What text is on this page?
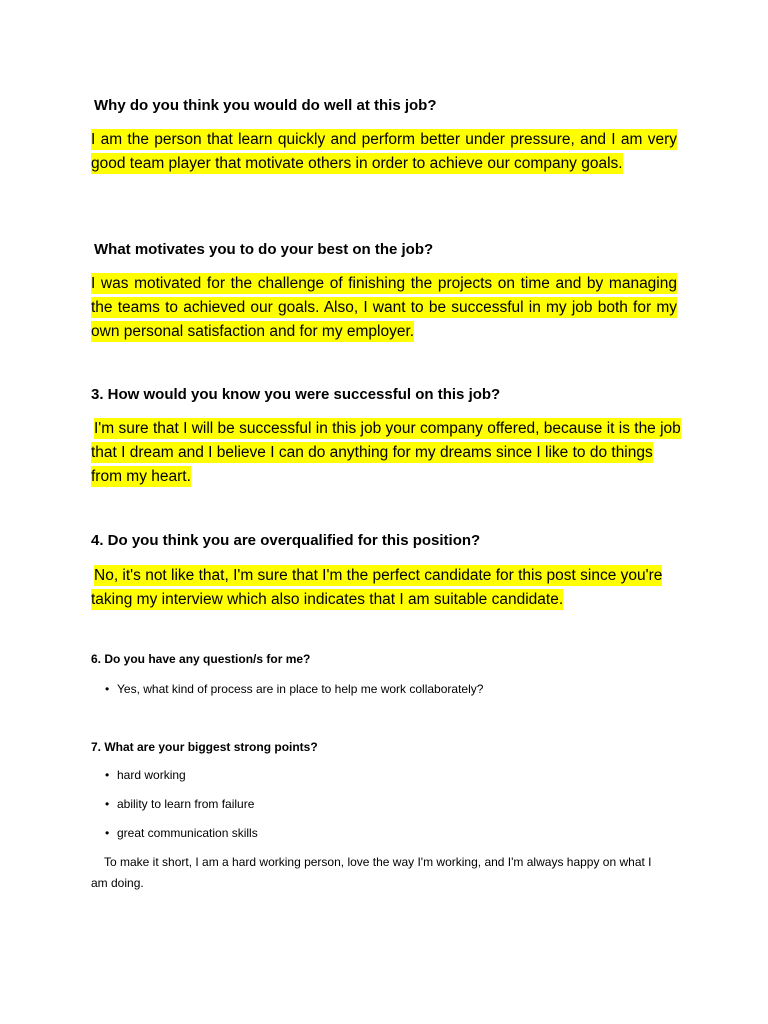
Why do you think you would do well at this job?

I am the person that learn quickly and perform better under pressure, and I am very good team player that motivate others in order to achieve our company goals.

What motivates you to do your best on the job?

I was motivated for the challenge of finishing the projects on time and by managing the teams to achieved our goals. Also, I want to be successful in my job both for my own personal satisfaction and for my employer.

3. How would you know you were successful on this job?

I'm sure that I will be successful in this job your company offered, because it is the job that I dream and I believe I can do anything for my dreams since I like to do things from my heart.

4. Do you think you are overqualified for this position?

No, it's not like that, I'm sure that I'm the perfect candidate for this post since you're taking my interview which also indicates that I am suitable candidate.

6. Do you have any question/s for me?

• Yes, what kind of process are in place to help me work collaborately?

7. What are your biggest strong points?

• hard working

• ability to learn from failure

• great communication skills

To make it short, I am a hard working person, love the way I'm working, and I'm always happy on what I am doing.
